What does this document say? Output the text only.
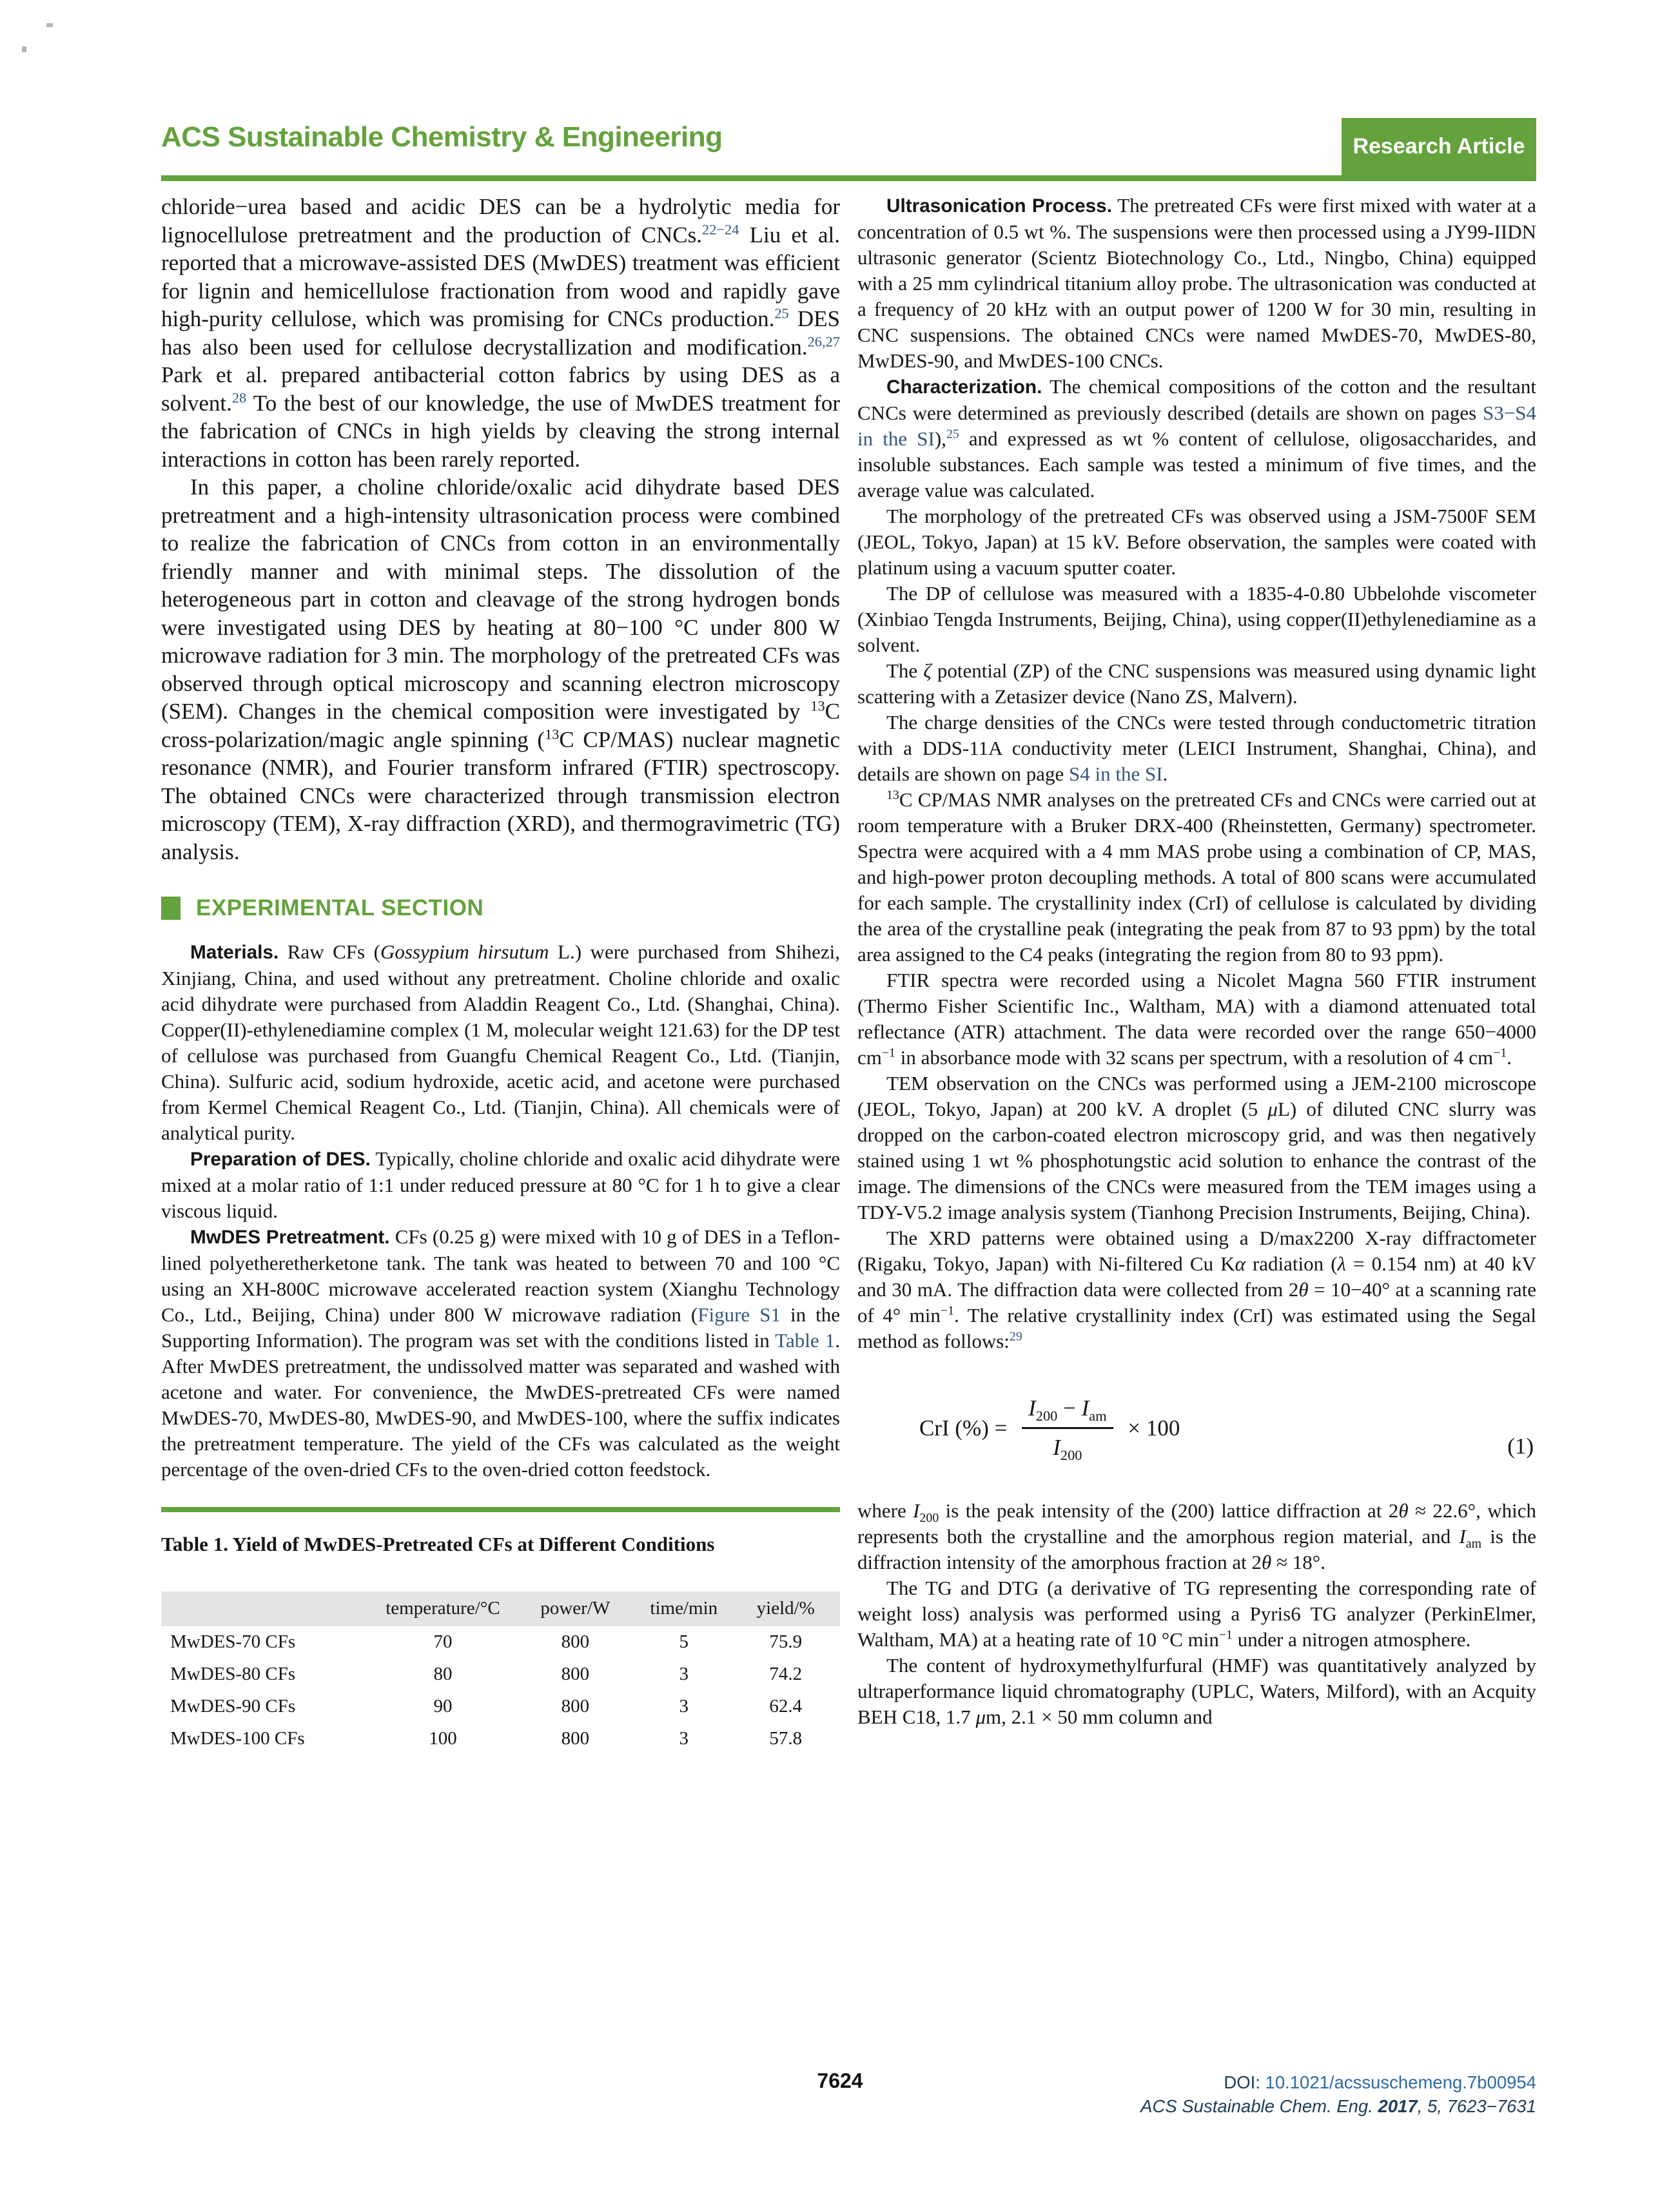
ACS Sustainable Chemistry & Engineering	Research Article

chloride−urea based and acidic DES can be a hydrolytic media for lignocellulose pretreatment and the production of CNCs.$^{22-24}$ Liu et al. reported that a microwave-assisted DES (MwDES) treatment was efficient for lignin and hemicellulose fractionation from wood and rapidly gave high-purity cellulose, which was promising for CNCs production.$^{25}$ DES has also been used for cellulose decrystallization and modification.$^{26,27}$ Park et al. prepared antibacterial cotton fabrics by using DES as a solvent.$^{28}$ To the best of our knowledge, the use of MwDES treatment for the fabrication of CNCs in high yields by cleaving the strong internal interactions in cotton has been rarely reported.

In this paper, a choline chloride/oxalic acid dihydrate based DES pretreatment and a high-intensity ultrasonication process were combined to realize the fabrication of CNCs from cotton in an environmentally friendly manner and with minimal steps. The dissolution of the heterogeneous part in cotton and cleavage of the strong hydrogen bonds were investigated using DES by heating at 80−100 °C under 800 W microwave radiation for 3 min. The morphology of the pretreated CFs was observed through optical microscopy and scanning electron microscopy (SEM). Changes in the chemical composition were investigated by $^{13}$C cross-polarization/magic angle spinning ($^{13}$C CP/MAS) nuclear magnetic resonance (NMR), and Fourier transform infrared (FTIR) spectroscopy. The obtained CNCs were characterized through transmission electron microscopy (TEM), X-ray diffraction (XRD), and thermogravimetric (TG) analysis.

EXPERIMENTAL SECTION

Materials. Raw CFs (Gossypium hirsutum L.) were purchased from Shihezi, Xinjiang, China, and used without any pretreatment. Choline chloride and oxalic acid dihydrate were purchased from Aladdin Reagent Co., Ltd. (Shanghai, China). Copper(II)-ethylenediamine complex (1 M, molecular weight 121.63) for the DP test of cellulose was purchased from Guangfu Chemical Reagent Co., Ltd. (Tianjin, China). Sulfuric acid, sodium hydroxide, acetic acid, and acetone were purchased from Kermel Chemical Reagent Co., Ltd. (Tianjin, China). All chemicals were of analytical purity.

Preparation of DES. Typically, choline chloride and oxalic acid dihydrate were mixed at a molar ratio of 1:1 under reduced pressure at 80 °C for 1 h to give a clear viscous liquid.

MwDES Pretreatment. CFs (0.25 g) were mixed with 10 g of DES in a Teflon-lined polyetheretherketone tank. The tank was heated to between 70 and 100 °C using an XH-800C microwave accelerated reaction system (Xianghu Technology Co., Ltd., Beijing, China) under 800 W microwave radiation (Figure S1 in the Supporting Information). The program was set with the conditions listed in Table 1. After MwDES pretreatment, the undissolved matter was separated and washed with acetone and water. For convenience, the MwDES-pretreated CFs were named MwDES-70, MwDES-80, MwDES-90, and MwDES-100, where the suffix indicates the pretreatment temperature. The yield of the CFs was calculated as the weight percentage of the oven-dried CFs to the oven-dried cotton feedstock.

Table 1. Yield of MwDES-Pretreated CFs at Different Conditions
	temperature/°C	power/W	time/min	yield/%
MwDES-70 CFs	70	800	5	75.9
MwDES-80 CFs	80	800	3	74.2
MwDES-90 CFs	90	800	3	62.4
MwDES-100 CFs	100	800	3	57.8

Ultrasonication Process. The pretreated CFs were first mixed with water at a concentration of 0.5 wt %. The suspensions were then processed using a JY99-IIDN ultrasonic generator (Scientz Biotechnology Co., Ltd., Ningbo, China) equipped with a 25 mm cylindrical titanium alloy probe. The ultrasonication was conducted at a frequency of 20 kHz with an output power of 1200 W for 30 min, resulting in CNC suspensions. The obtained CNCs were named MwDES-70, MwDES-80, MwDES-90, and MwDES-100 CNCs.

Characterization. The chemical compositions of the cotton and the resultant CNCs were determined as previously described (details are shown on pages S3−S4 in the SI),$^{25}$ and expressed as wt % content of cellulose, oligosaccharides, and insoluble substances. Each sample was tested a minimum of five times, and the average value was calculated.

The morphology of the pretreated CFs was observed using a JSM-7500F SEM (JEOL, Tokyo, Japan) at 15 kV. Before observation, the samples were coated with platinum using a vacuum sputter coater.

The DP of cellulose was measured with a 1835-4-0.80 Ubbelohde viscometer (Xinbiao Tengda Instruments, Beijing, China), using copper(II)ethylenediamine as a solvent.

The ζ potential (ZP) of the CNC suspensions was measured using dynamic light scattering with a Zetasizer device (Nano ZS, Malvern).

The charge densities of the CNCs were tested through conductometric titration with a DDS-11A conductivity meter (LEICI Instrument, Shanghai, China), and details are shown on page S4 in the SI.

$^{13}$C CP/MAS NMR analyses on the pretreated CFs and CNCs were carried out at room temperature with a Bruker DRX-400 (Rheinstetten, Germany) spectrometer. Spectra were acquired with a 4 mm MAS probe using a combination of CP, MAS, and high-power proton decoupling methods. A total of 800 scans were accumulated for each sample. The crystallinity index (CrI) of cellulose is calculated by dividing the area of the crystalline peak (integrating the peak from 87 to 93 ppm) by the total area assigned to the C4 peaks (integrating the region from 80 to 93 ppm).

FTIR spectra were recorded using a Nicolet Magna 560 FTIR instrument (Thermo Fisher Scientific Inc., Waltham, MA) with a diamond attenuated total reflectance (ATR) attachment. The data were recorded over the range 650−4000 $cm^{-1}$ in absorbance mode with 32 scans per spectrum, with a resolution of 4 $cm^{-1}$.

TEM observation on the CNCs was performed using a JEM-2100 microscope (JEOL, Tokyo, Japan) at 200 kV. A droplet (5 μL) of diluted CNC slurry was dropped on the carbon-coated electron microscopy grid, and was then negatively stained using 1 wt % phosphotungstic acid solution to enhance the contrast of the image. The dimensions of the CNCs were measured from the TEM images using a TDY-V5.2 image analysis system (Tianhong Precision Instruments, Beijing, China).

The XRD patterns were obtained using a D/max2200 X-ray diffractometer (Rigaku, Tokyo, Japan) with Ni-filtered Cu Kα radiation (λ = 0.154 nm) at 40 kV and 30 mA. The diffraction data were collected from 2θ = 10−40° at a scanning rate of 4° $\min^{-1}$. The relative crystallinity index (CrI) was estimated using the Segal method as follows:$^{29}$

CrI (%) = $\frac{I_{200} - I_{am}}{I_{200}} \times 100$
(1)

where $I_{200}$ is the peak intensity of the (200) lattice diffraction at 2θ ≈ 22.6°, which represents both the crystalline and the amorphous region material, and $I_{am}$ is the diffraction intensity of the amorphous fraction at 2θ ≈ 18°.

The TG and DTG (a derivative of TG representing the corresponding rate of weight loss) analysis was performed using a Pyris6 TG analyzer (PerkinElmer, Waltham, MA) at a heating rate of 10 °C $\min^{-1}$ under a nitrogen atmosphere.

The content of hydroxymethylfurfural (HMF) was quantitatively analyzed by ultraperformance liquid chromatography (UPLC, Waters, Milford), with an Acquity BEH C18, 1.7 μm, 2.1 × 50 mm column and

7624	DOI: 10.1021/acssuschemeng.7b00954
ACS Sustainable Chem. Eng. 2017, 5, 7623−7631
